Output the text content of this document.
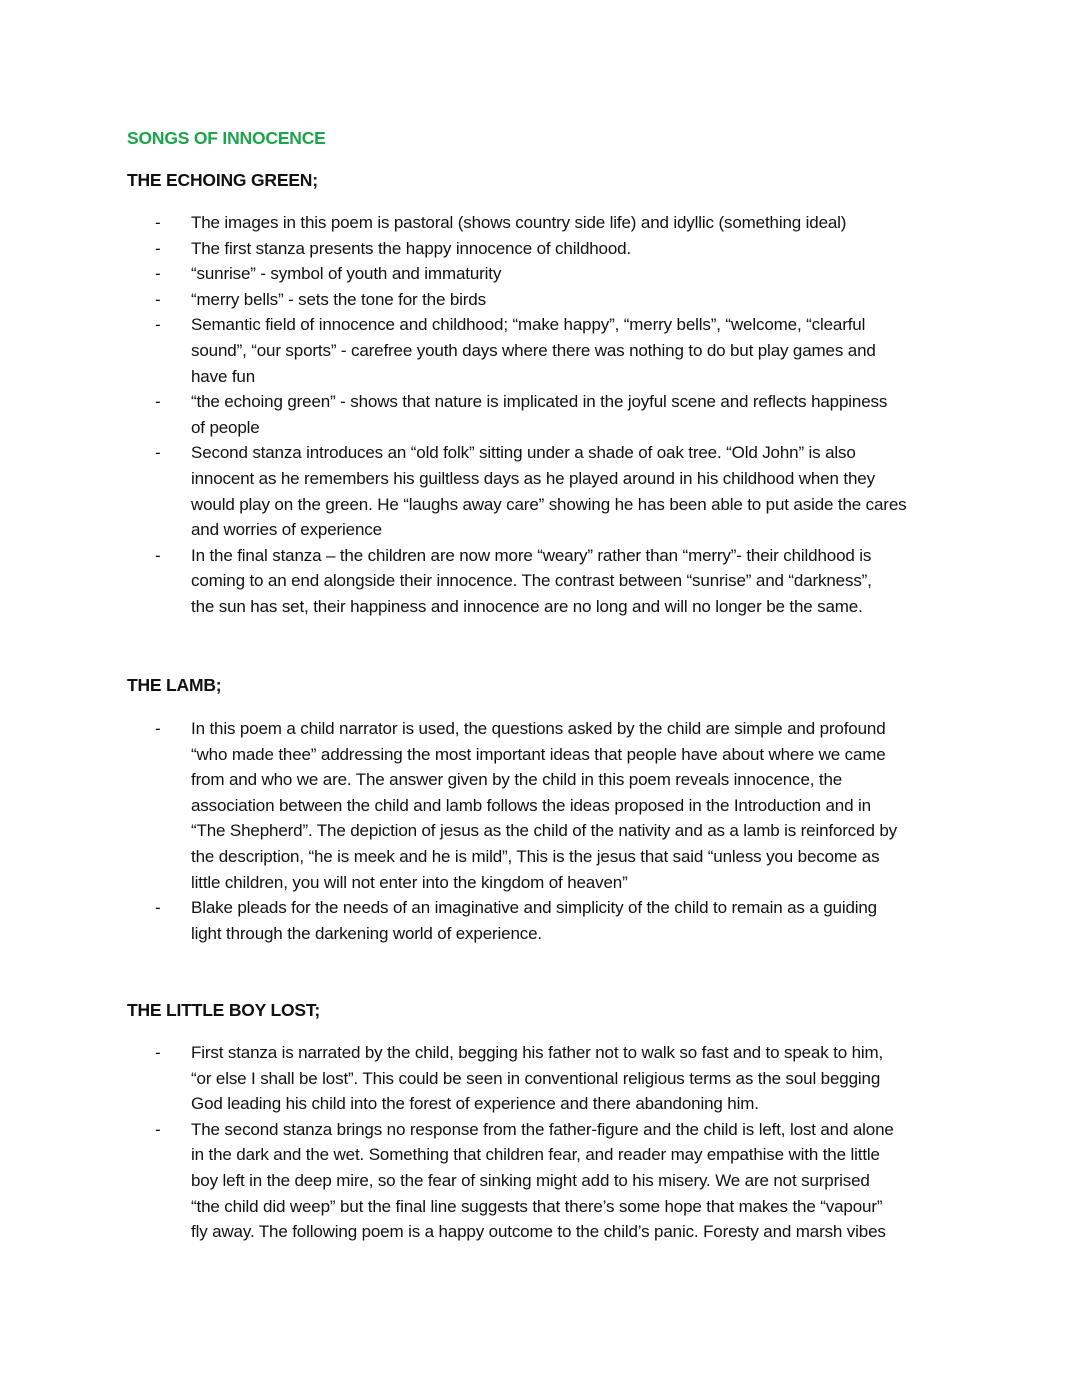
SONGS OF INNOCENCE
THE ECHOING GREEN;
- The images in this poem is pastoral (shows country side life) and idyllic (something ideal)
- The first stanza presents the happy innocence of childhood.
- “sunrise” - symbol of youth and immaturity
- “merry bells” - sets the tone for the birds
- Semantic field of innocence and childhood; “make happy”, “merry bells”, “welcome, “clearful
sound”, “our sports” - carefree youth days where there was nothing to do but play games and
have fun
- “the echoing green” - shows that nature is implicated in the joyful scene and reflects happiness
of people
- Second stanza introduces an “old folk” sitting under a shade of oak tree. “Old John” is also
innocent as he remembers his guiltless days as he played around in his childhood when they
would play on the green. He “laughs away care” showing he has been able to put aside the cares
and worries of experience
- In the final stanza – the children are now more “weary” rather than “merry”- their childhood is
coming to an end alongside their innocence. The contrast between “sunrise” and “darkness”,
the sun has set, their happiness and innocence are no long and will no longer be the same.
THE LAMB;
- In this poem a child narrator is used, the questions asked by the child are simple and profound
“who made thee” addressing the most important ideas that people have about where we came
from and who we are. The answer given by the child in this poem reveals innocence, the
association between the child and lamb follows the ideas proposed in the Introduction and in
“The Shepherd”. The depiction of jesus as the child of the nativity and as a lamb is reinforced by
the description, “he is meek and he is mild”, This is the jesus that said “unless you become as
little children, you will not enter into the kingdom of heaven”
- Blake pleads for the needs of an imaginative and simplicity of the child to remain as a guiding
light through the darkening world of experience.
THE LITTLE BOY LOST;
- First stanza is narrated by the child, begging his father not to walk so fast and to speak to him,
“or else I shall be lost”. This could be seen in conventional religious terms as the soul begging
God leading his child into the forest of experience and there abandoning him.
- The second stanza brings no response from the father-figure and the child is left, lost and alone
in the dark and the wet. Something that children fear, and reader may empathise with the little
boy left in the deep mire, so the fear of sinking might add to his misery. We are not surprised
“the child did weep” but the final line suggests that there’s some hope that makes the “vapour”
fly away. The following poem is a happy outcome to the child’s panic. Foresty and marsh vibes
